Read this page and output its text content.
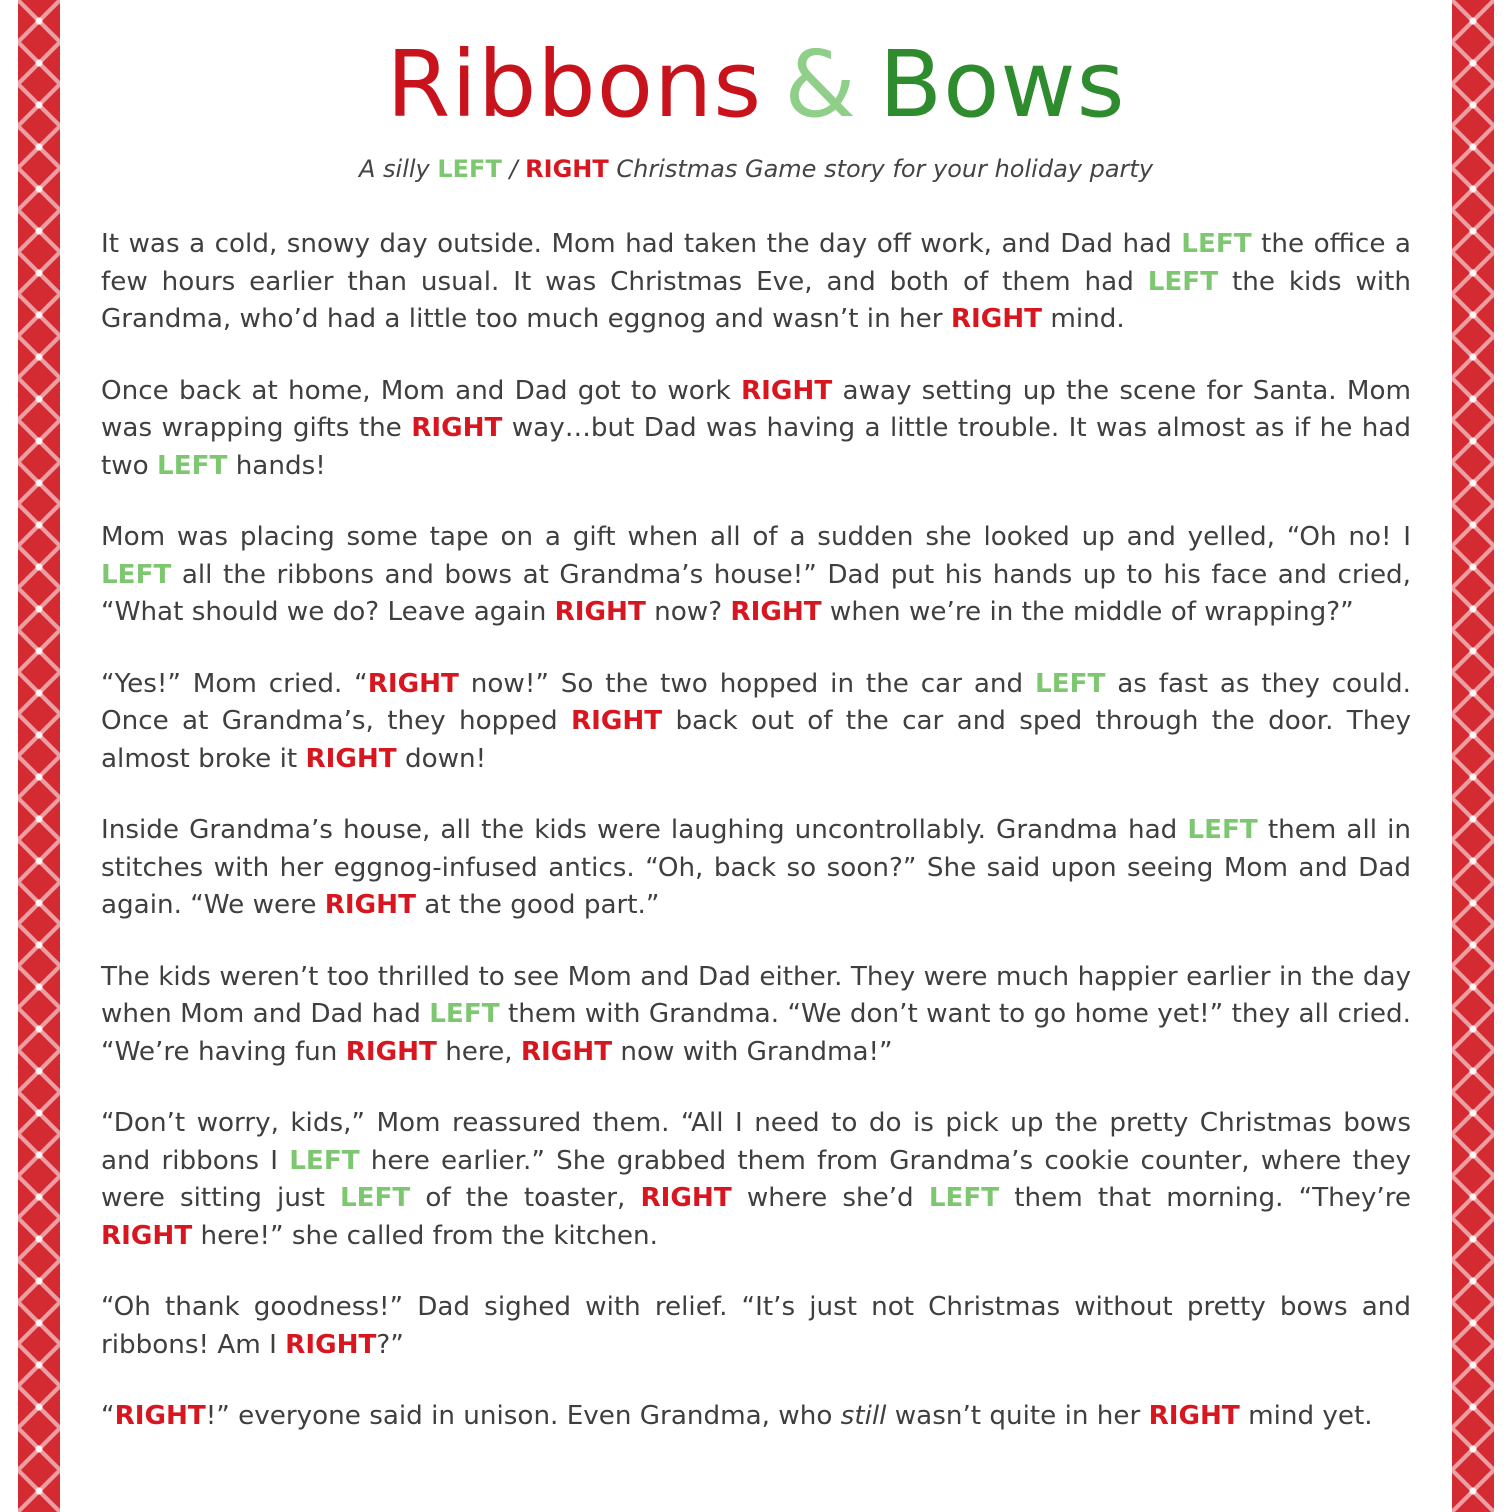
Ribbons & Bows

A silly LEFT / RIGHT Christmas Game story for your holiday party

It was a cold, snowy day outside. Mom had taken the day off work, and Dad had LEFT the office a few hours earlier than usual. It was Christmas Eve, and both of them had LEFT the kids with Grandma, who’d had a little too much eggnog and wasn’t in her RIGHT mind.

Once back at home, Mom and Dad got to work RIGHT away setting up the scene for Santa. Mom was wrapping gifts the RIGHT way…but Dad was having a little trouble. It was almost as if he had two LEFT hands!

Mom was placing some tape on a gift when all of a sudden she looked up and yelled, “Oh no! I LEFT all the ribbons and bows at Grandma’s house!” Dad put his hands up to his face and cried, “What should we do? Leave again RIGHT now? RIGHT when we’re in the middle of wrapping?”

“Yes!” Mom cried. “RIGHT now!” So the two hopped in the car and LEFT as fast as they could. Once at Grandma’s, they hopped RIGHT back out of the car and sped through the door. They almost broke it RIGHT down!

Inside Grandma’s house, all the kids were laughing uncontrollably. Grandma had LEFT them all in stitches with her eggnog-infused antics. “Oh, back so soon?” She said upon seeing Mom and Dad again. “We were RIGHT at the good part.”

The kids weren’t too thrilled to see Mom and Dad either. They were much happier earlier in the day when Mom and Dad had LEFT them with Grandma. “We don’t want to go home yet!” they all cried. “We’re having fun RIGHT here, RIGHT now with Grandma!”

“Don’t worry, kids,” Mom reassured them. “All I need to do is pick up the pretty Christmas bows and ribbons I LEFT here earlier.” She grabbed them from Grandma’s cookie counter, where they were sitting just LEFT of the toaster, RIGHT where she’d LEFT them that morning. “They’re RIGHT here!” she called from the kitchen.

“Oh thank goodness!” Dad sighed with relief. “It’s just not Christmas without pretty bows and ribbons! Am I RIGHT?”

“RIGHT!” everyone said in unison. Even Grandma, who still wasn’t quite in her RIGHT mind yet.
